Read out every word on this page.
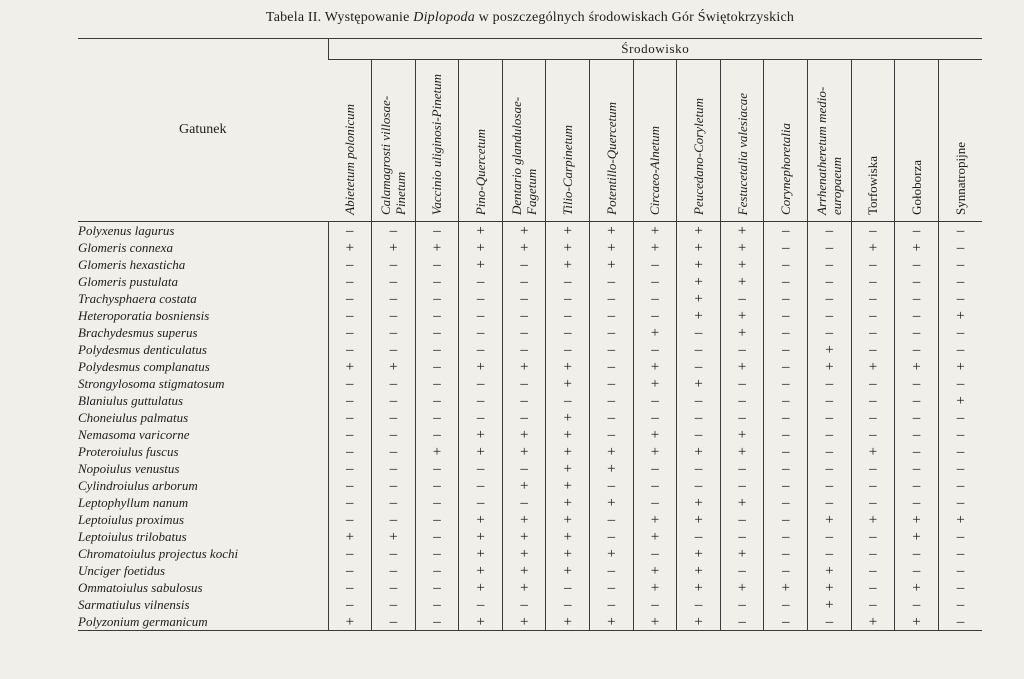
Tabela II. Występowanie Diplopoda w poszczególnych środowiskach Gór Świętokrzyskich
Gatunek	Środowisko														

	Abietetum polonicum	Calamagrosti villosae-Pinetum	Vaccinio uliginosi-Pinetum	Pino-Quercetum	Dentario glandulosae-Fagetum	Tilio-Carpinetum	Potentillo-Quercetum	Circaeo-Alnetum	Peucedano-Coryletum	Festucetalia valesiacae	Corynephoretalia	Arrhenatheretum medio-europaeum	Torfowiska	Gołoborza	Synnatropijne

Polyxenus lagurus	–	–	–	+	+	+	+	+	+	+	–	–	–	–	–
Glomeris connexa	+	+	+	+	+	+	+	+	+	+	–	–	+	+	–
Glomeris hexasticha	–	–	–	+	–	+	+	–	+	+	–	–	–	–	–
Glomeris pustulata	–	–	–	–	–	–	–	–	+	+	–	–	–	–	–
Trachysphaera costata	–	–	–	–	–	–	–	–	+	–	–	–	–	–	–
Heteroporatia bosniensis	–	–	–	–	–	–	–	–	+	+	–	–	–	–	+
Brachydesmus superus	–	–	–	–	–	–	–	+	–	+	–	–	–	–	–
Polydesmus denticulatus	–	–	–	–	–	–	–	–	–	–	–	+	–	–	–
Polydesmus complanatus	+	+	–	+	+	+	–	+	–	+	–	+	+	+	+
Strongylosoma stigmatosum	–	–	–	–	–	+	–	+	+	–	–	–	–	–	–
Blaniulus guttulatus	–	–	–	–	–	–	–	–	–	–	–	–	–	–	+
Choneiulus palmatus	–	–	–	–	–	+	–	–	–	–	–	–	–	–	–
Nemasoma varicorne	–	–	–	+	+	+	–	+	–	+	–	–	–	–	–
Proteroiulus fuscus	–	–	+	+	+	+	+	+	+	+	–	–	+	–	–
Nopoiulus venustus	–	–	–	–	–	+	+	–	–	–	–	–	–	–	–
Cylindroiulus arborum	–	–	–	–	+	+	–	–	–	–	–	–	–	–	–
Leptophyllum nanum	–	–	–	–	–	+	+	–	+	+	–	–	–	–	–
Leptoiulus proximus	–	–	–	+	+	+	–	+	+	–	–	+	+	+	+
Leptoiulus trilobatus	+	+	–	+	+	+	–	+	–	–	–	–	–	+	–
Chromatoiulus projectus kochi	–	–	–	+	+	+	+	–	+	+	–	–	–	–	–
Unciger foetidus	–	–	–	+	+	+	–	+	+	–	–	+	–	–	–
Ommatoiulus sabulosus	–	–	–	+	+	–	–	+	+	+	+	+	–	+	–
Sarmatiulus vilnensis	–	–	–	–	–	–	–	–	–	–	–	+	–	–	–
Polyzonium germanicum	+	–	–	+	+	+	+	+	+	–	–	–	+	+	–
